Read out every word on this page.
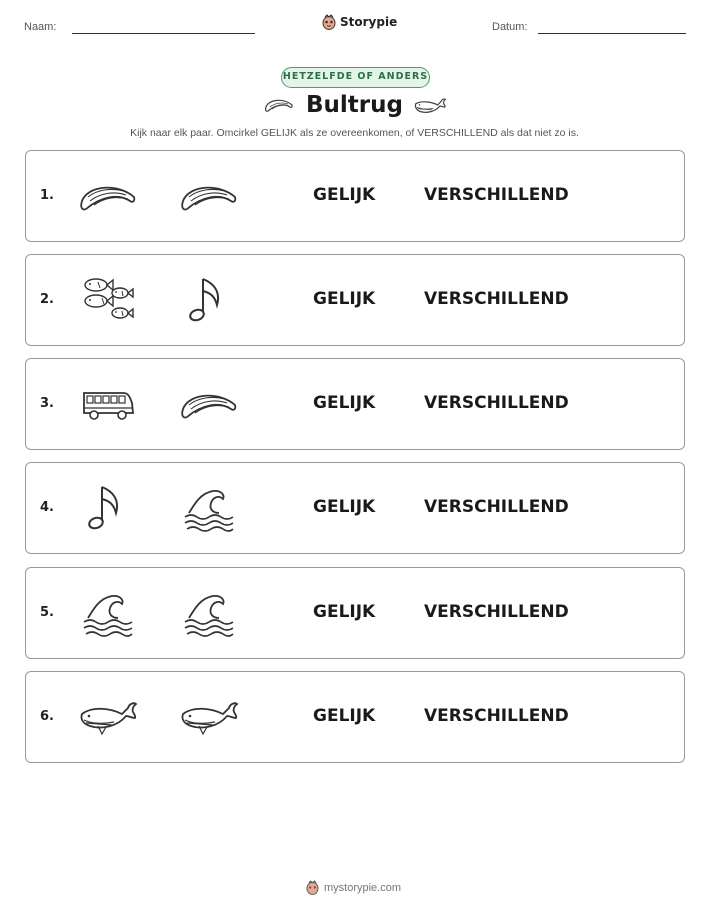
Naam:	Storypie	Datum:
HETZELFDE OF ANDERS
Bultrug
Kijk naar elk paar. Omcirkel GELIJK als ze overeenkomen, of VERSCHILLEND als dat niet zo is.
1.	GELIJK	VERSCHILLEND
2.	GELIJK	VERSCHILLEND
3.	GELIJK	VERSCHILLEND
4.	GELIJK	VERSCHILLEND
5.	GELIJK	VERSCHILLEND
6.	GELIJK	VERSCHILLEND
mystorypie.com
